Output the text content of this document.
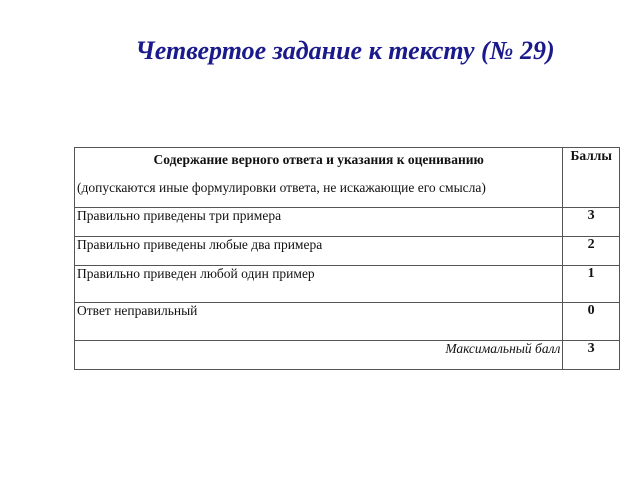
Четвертое задание к тексту (№ 29)
Содержание верного ответа и указания к оцениванию
(допускаются иные формулировки ответа, не искажающие его смысла)	Баллы
Правильно приведены три примера	3
Правильно приведены любые два примера	2
Правильно приведен любой один пример	1
Ответ неправильный	0
Максимальный балл	3
